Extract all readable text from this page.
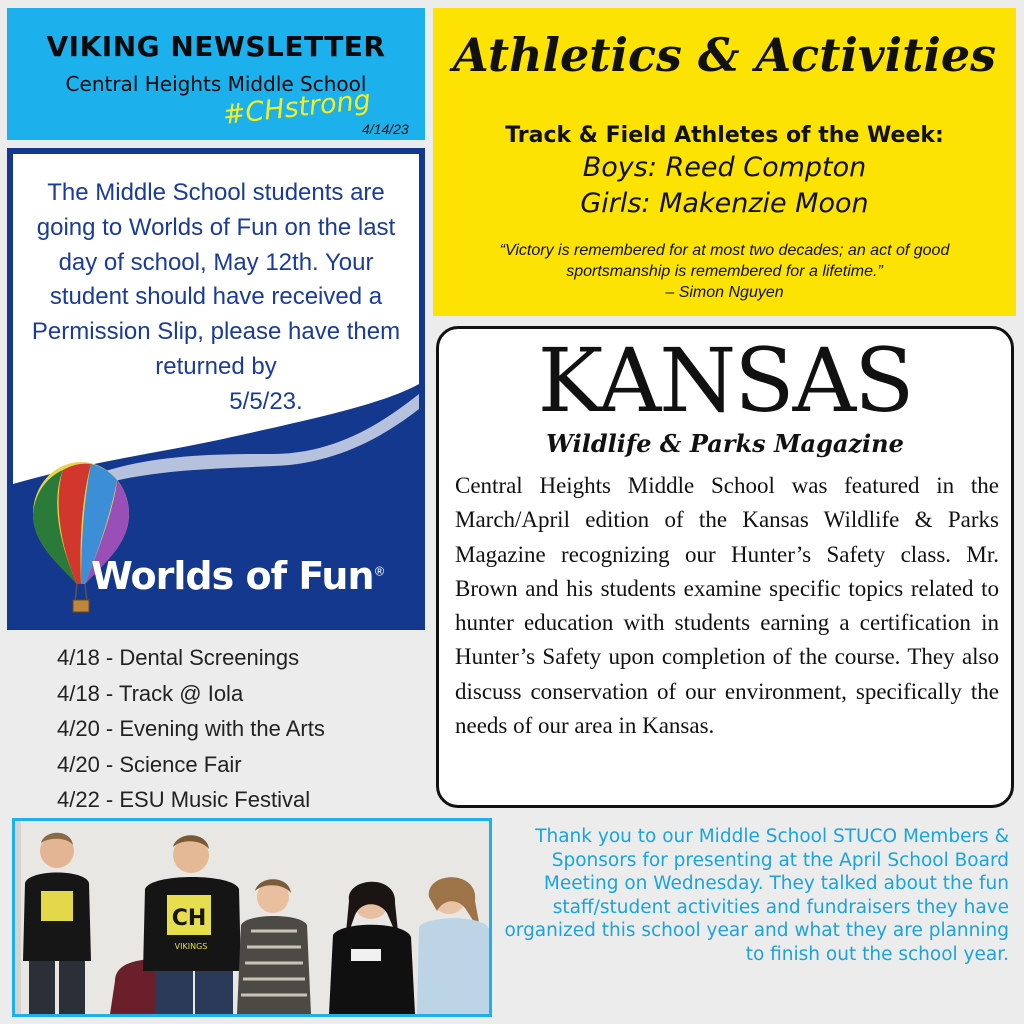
VIKING NEWSLETTER
Central Heights Middle School
#CHstrong
4/14/23
The Middle School students are going to Worlds of Fun on the last day of school, May 12th. Your student should have received a Permission Slip, please have them returned by
5/5/23.
Worlds of Fun®
4/18 - Dental Screenings
4/18 - Track @ Iola
4/20 - Evening with the Arts
4/20 - Science Fair
4/22 - ESU Music Festival
Athletics & Activities
Track & Field Athletes of the Week:
Boys: Reed Compton
Girls: Makenzie Moon
“Victory is remembered for at most two decades; an act of good sportsmanship is remembered for a lifetime.”
– Simon Nguyen
KANSAS
Wildlife & Parks Magazine
Central Heights Middle School was featured in the March/April edition of the Kansas Wildlife & Parks Magazine recognizing our Hunter’s Safety class. Mr. Brown and his students examine specific topics related to hunter education with students earning a certification in Hunter’s Safety upon completion of the course. They also discuss conservation of our environment, specifically the needs of our area in Kansas.
CH
VIKINGS
Thank you to our Middle School STUCO Members & Sponsors for presenting at the April School Board Meeting on Wednesday. They talked about the fun staff/student activities and fundraisers they have organized this school year and what they are planning to finish out the school year.
